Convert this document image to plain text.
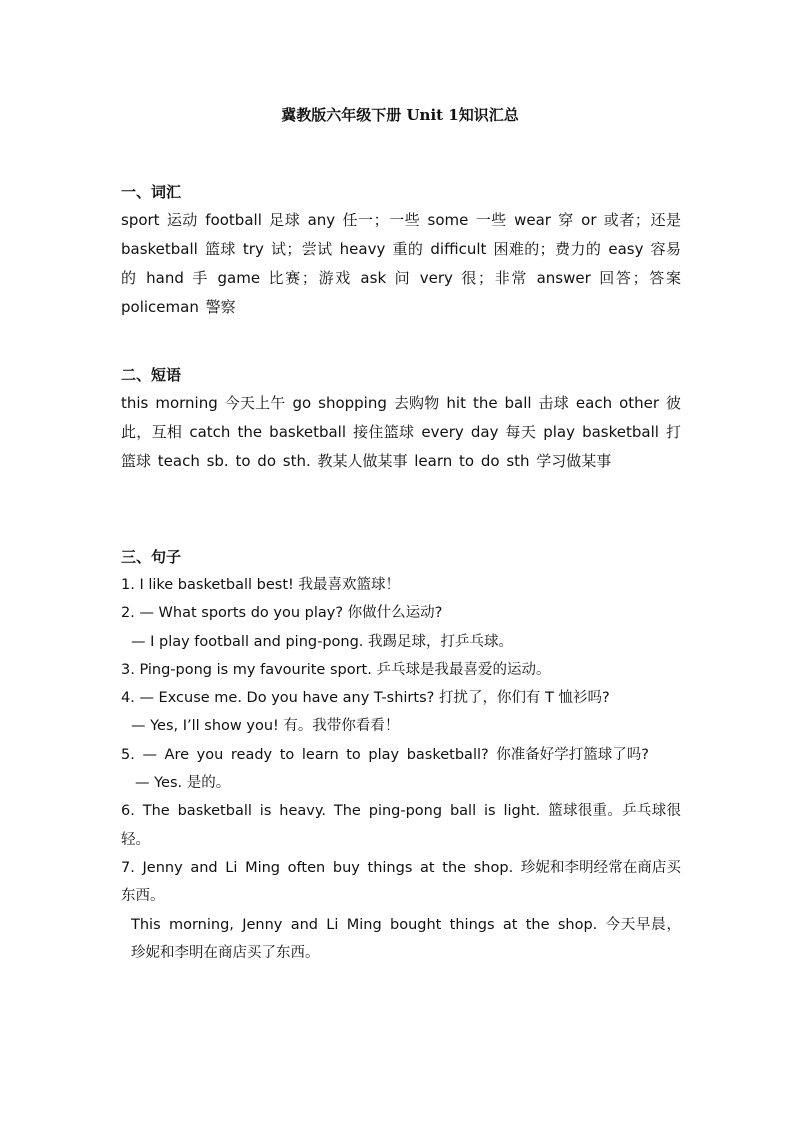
冀教版六年级下册 Unit 1知识汇总
一、词汇

sport 运动 football 足球 any 任一；一些 some 一些 wear 穿 or 或者；还是 basketball 篮球 try 试；尝试 heavy 重的 difficult 困难的；费力的 easy 容易的 hand 手 game 比赛；游戏 ask 问 very 很；非常 answer 回答；答案 policeman 警察

二、短语

this morning 今天上午 go shopping 去购物 hit the ball 击球 each other 彼此，互相 catch the basketball 接住篮球 every day 每天 play basketball 打篮球 teach sb. to do sth. 教某人做某事 learn to do sth 学习做某事

三、句子

1. I like basketball best! 我最喜欢篮球！

2. — What sports do you play? 你做什么运动?

— I play football and ping-pong. 我踢足球，打乒乓球。

3. Ping-pong is my favourite sport. 乒乓球是我最喜爱的运动。

4. — Excuse me. Do you have any T-shirts? 打扰了，你们有 T 恤衫吗?

— Yes, I’ll show you! 有。我带你看看！

5. — Are you ready to learn to play basketball? 你准备好学打篮球了吗?

— Yes. 是的。

6. The basketball is heavy. The ping-pong ball is light. 篮球很重。乒乓球很轻。

7. Jenny and Li Ming often buy things at the shop. 珍妮和李明经常在商店买东西。

This morning, Jenny and Li Ming bought things at the shop. 今天早晨，珍妮和李明在商店买了东西。
